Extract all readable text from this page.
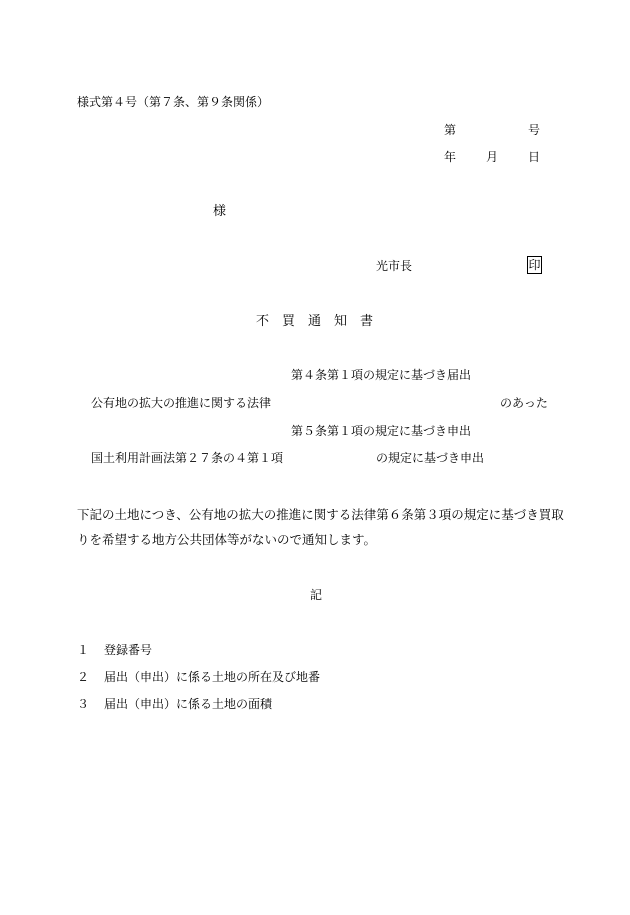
様式第４号（第７条、第９条関係）
第	号
年 月 日
様
光市長	印
不　買　通　知　書
第４条第１項の規定に基づき届出
公有地の拡大の推進に関する法律	のあった
第５条第１項の規定に基づき申出
国土利用計画法第２７条の４第１項	の規定に基づき申出
下記の土地につき、公有地の拡大の推進に関する法律第６条第３項の規定に基づき買取りを希望する地方公共団体等がないので通知します。
記
１ 登録番号
２ 届出（申出）に係る土地の所在及び地番
３ 届出（申出）に係る土地の面積
